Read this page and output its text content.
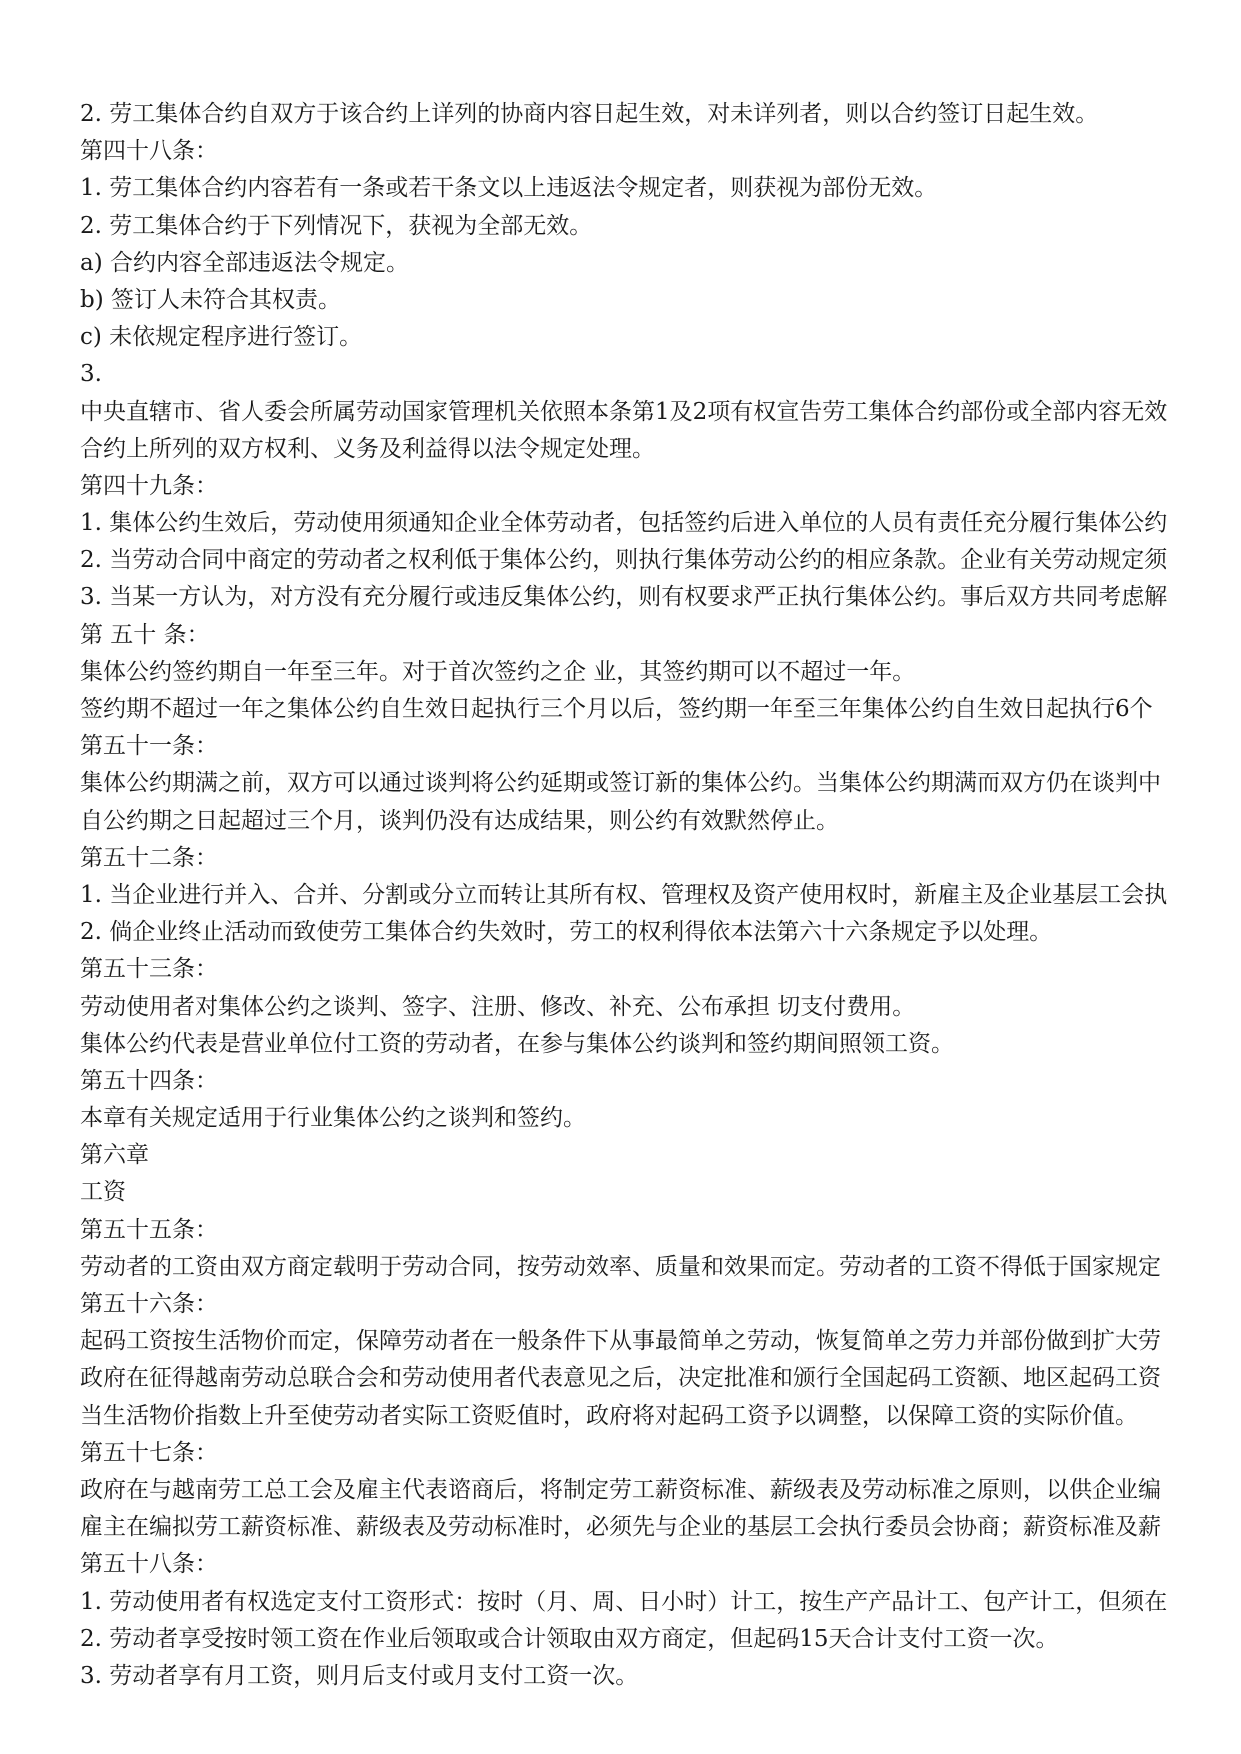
2. 劳工集体合约自双方于该合约上详列的协商内容日起生效，对未详列者，则以合约签订日起生效。
第四十八条：
1. 劳工集体合约内容若有一条或若干条文以上违返法令规定者，则获视为部份无效。
2. 劳工集体合约于下列情况下，获视为全部无效。
a) 合约内容全部违返法令规定。
b) 签订人未符合其权责。
c) 未依规定程序进行签订。
3.
中央直辖市、省人委会所属劳动国家管理机关依照本条第1及2项有权宣告劳工集体合约部份或全部内容无效
合约上所列的双方权利、义务及利益得以法令规定处理。
第四十九条：
1. 集体公约生效后，劳动使用须通知企业全体劳动者，包括签约后进入单位的人员有责任充分履行集体公约
2. 当劳动合同中商定的劳动者之权利低于集体公约，则执行集体劳动公约的相应条款。企业有关劳动规定须
3. 当某一方认为，对方没有充分履行或违反集体公约，则有权要求严正执行集体公约。事后双方共同考虑解
第 五十 条：
集体公约签约期自一年至三年。对于首次签约之企 业，其签约期可以不超过一年。
签约期不超过一年之集体公约自生效日起执行三个月以后，签约期一年至三年集体公约自生效日起执行6个
第五十一条：
集体公约期满之前，双方可以通过谈判将公约延期或签订新的集体公约。当集体公约期满而双方仍在谈判中
自公约期之日起超过三个月，谈判仍没有达成结果，则公约有效默然停止。
第五十二条：
1. 当企业进行并入、合并、分割或分立而转让其所有权、管理权及资产使用权时，新雇主及企业基层工会执
2. 倘企业终止活动而致使劳工集体合约失效时，劳工的权利得依本法第六十六条规定予以处理。
第五十三条：
劳动使用者对集体公约之谈判、签字、注册、修改、补充、公布承担 切支付费用。
集体公约代表是营业单位付工资的劳动者，在参与集体公约谈判和签约期间照领工资。
第五十四条：
本章有关规定适用于行业集体公约之谈判和签约。
第六章
工资
第五十五条：
劳动者的工资由双方商定载明于劳动合同，按劳动效率、质量和效果而定。劳动者的工资不得低于国家规定
第五十六条：
起码工资按生活物价而定，保障劳动者在一般条件下从事最简单之劳动，恢复简单之劳力并部份做到扩大劳
政府在征得越南劳动总联合会和劳动使用者代表意见之后，决定批准和颁行全国起码工资额、地区起码工资
当生活物价指数上升至使劳动者实际工资贬值时，政府将对起码工资予以调整，以保障工资的实际价值。
第五十七条：
政府在与越南劳工总工会及雇主代表谘商后，将制定劳工薪资标准、薪级表及劳动标准之原则，以供企业编
雇主在编拟劳工薪资标准、薪级表及劳动标准时，必须先与企业的基层工会执行委员会协商；薪资标准及薪
第五十八条：
1. 劳动使用者有权选定支付工资形式：按时（月、周、日小时）计工，按生产产品计工、包产计工，但须在
2. 劳动者享受按时领工资在作业后领取或合计领取由双方商定，但起码15天合计支付工资一次。
3. 劳动者享有月工资，则月后支付或月支付工资一次。
